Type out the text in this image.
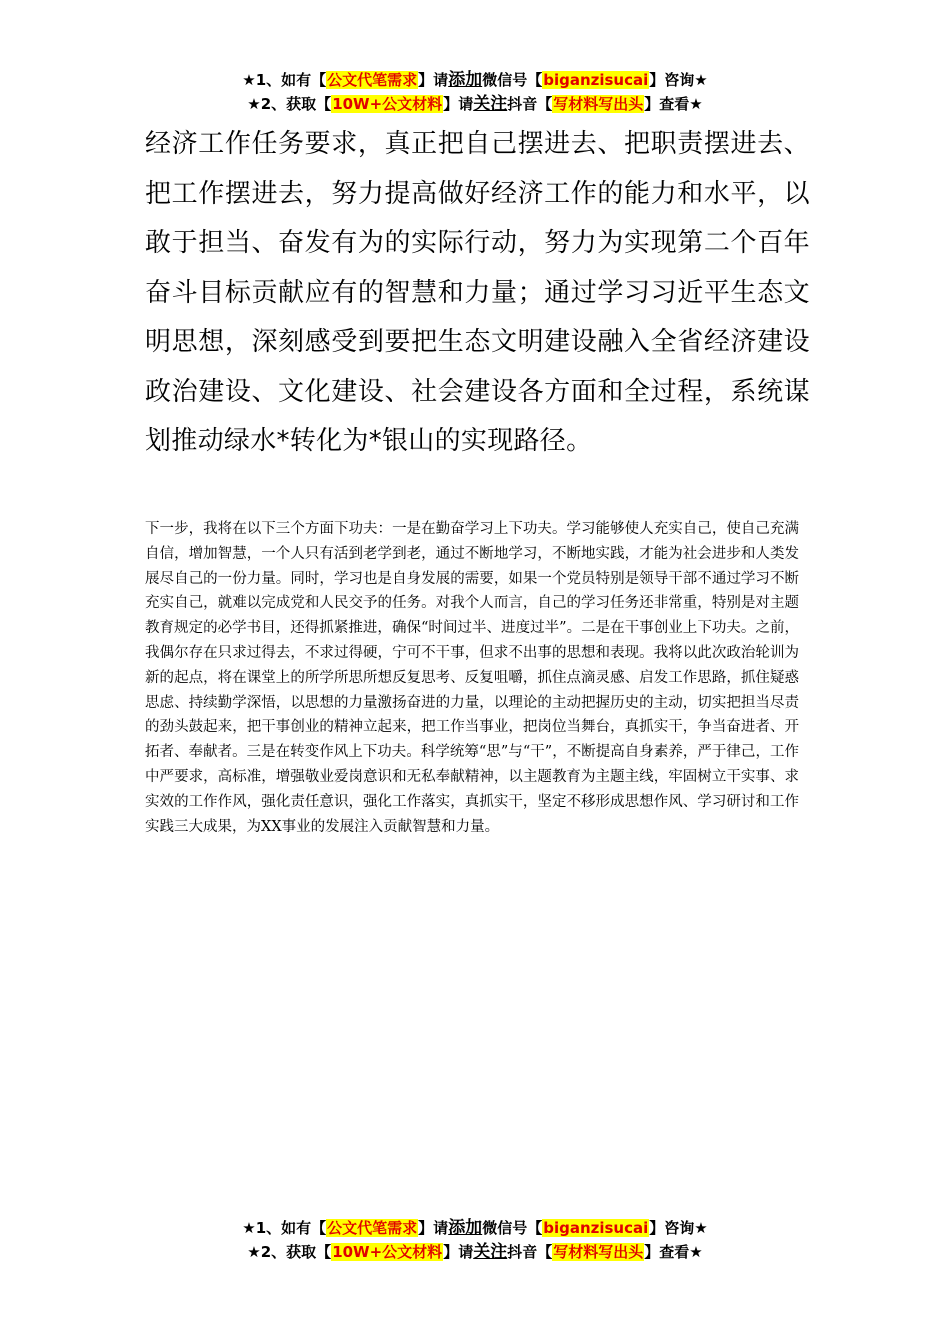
★1、如有【公文代笔需求】请添加微信号【biganzisucai】咨询★
★2、获取【10W+公文材料】请关注抖音【写材料写出头】查看★

经济工作任务要求，真正把自己摆进去、把职责摆进去、把工作摆进去，努力提高做好经济工作的能力和水平，以敢于担当、奋发有为的实际行动，努力为实现第二个百年奋斗目标贡献应有的智慧和力量；通过学习习近平生态文明思想，深刻感受到要把生态文明建设融入全省经济建设政治建设、文化建设、社会建设各方面和全过程，系统谋划推动绿水*转化为*银山的实现路径。

下一步，我将在以下三个方面下功夫：一是在勤奋学习上下功夫。学习能够使人充实自己，使自己充满自信，增加智慧，一个人只有活到老学到老，通过不断地学习，不断地实践，才能为社会进步和人类发展尽自己的一份力量。同时，学习也是自身发展的需要，如果一个党员特别是领导干部不通过学习不断充实自己，就难以完成党和人民交予的任务。对我个人而言，自己的学习任务还非常重，特别是对主题教育规定的必学书目，还得抓紧推进，确保“时间过半、进度过半”。二是在干事创业上下功夫。之前，我偶尔存在只求过得去，不求过得硬，宁可不干事，但求不出事的思想和表现。我将以此次政治轮训为新的起点，将在课堂上的所学所思所想反复思考、反复咀嚼，抓住点滴灵感、启发工作思路，抓住疑惑思虑、持续勤学深悟，以思想的力量激扬奋进的力量，以理论的主动把握历史的主动，切实把担当尽责的劲头鼓起来，把干事创业的精神立起来，把工作当事业，把岗位当舞台，真抓实干，争当奋进者、开拓者、奉献者。三是在转变作风上下功夫。科学统筹“思”与“干”，不断提高自身素养，严于律己，工作中严要求，高标准，增强敬业爱岗意识和无私奉献精神，以主题教育为主题主线，牢固树立干实事、求实效的工作作风，强化责任意识，强化工作落实，真抓实干，坚定不移形成思想作风、学习研讨和工作实践三大成果，为XX事业的发展注入贡献智慧和力量。

★1、如有【公文代笔需求】请添加微信号【biganzisucai】咨询★
★2、获取【10W+公文材料】请关注抖音【写材料写出头】查看★
